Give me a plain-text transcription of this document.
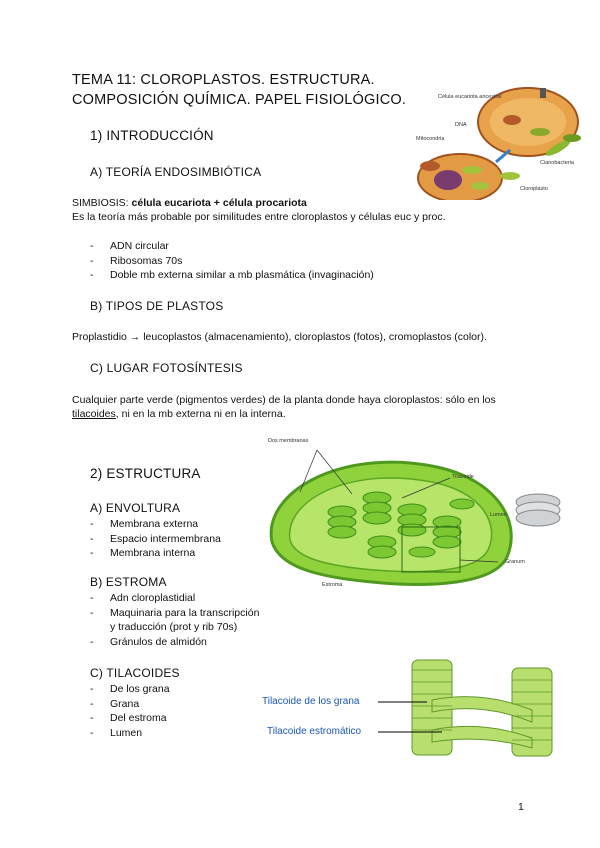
TEMA 11: CLOROPLASTOS. ESTRUCTURA.
COMPOSICIÓN QUÍMICA. PAPEL FISIOLÓGICO.
1) INTRODUCCIÓN
A) TEORÍA ENDOSIMBIÓTICA
SIMBIOSIS: célula eucariota + célula procariota
Es la teoría más probable por similitudes entre cloroplastos y células euc y proc.
- ADN circular
- Ribosomas 70s
- Doble mb externa similar a mb plasmática (invaginación)
B) TIPOS DE PLASTOS
Proplastidio → leucoplastos (almacenamiento), cloroplastos (fotos), cromoplastos (color).
C) LUGAR FOTOSÍNTESIS
Cualquier parte verde (pigmentos verdes) de la planta donde haya cloroplastos: sólo en los
tilacoides, ni en la mb externa ni en la interna.
2) ESTRUCTURA
A) ENVOLTURA
- Membrana externa
- Espacio intermembrana
- Membrana interna
B) ESTROMA
- Adn cloroplastidial
- Maquinaria para la transcripción
y traducción (prot y rib 70s)
- Gránulos de almidón
C) TILACOIDES
- De los grana
- Grana
- Del estroma
- Lumen
Célula eucariota ancestral
DNA
Mitocondria
Cianobacteria
Cloroplasto
Dos membranas
Tilacoide
Lumen
Estroma
Granum
Tilacoide de los grana
Tilacoide estromático
1
